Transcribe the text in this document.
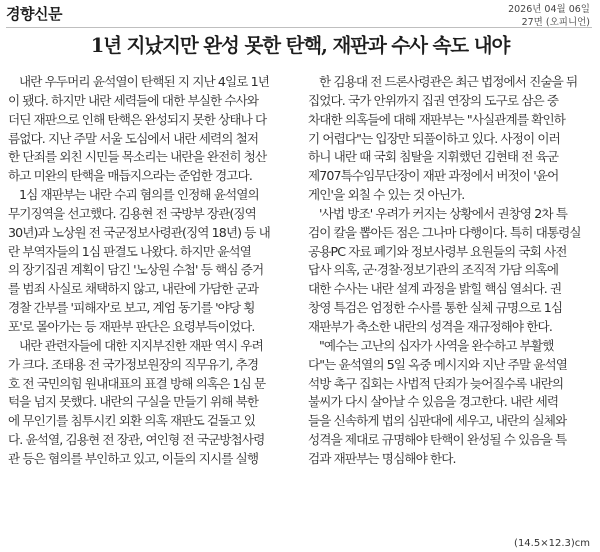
경향신문	2026년 04월 06일
27면 (오피니언)
1년 지났지만 완성 못한 탄핵, 재판과 수사 속도 내야

내란 우두머리 윤석열이 탄핵된 지 지난 4일로 1년

이 됐다. 하지만 내란 세력들에 대한 부실한 수사와

더딘 재판으로 인해 탄핵은 완성되지 못한 상태나 다

름없다. 지난 주말 서울 도심에서 내란 세력의 철저

한 단죄를 외친 시민들 목소리는 내란을 완전히 청산

하고 미완의 탄핵을 매듭지으라는 준엄한 경고다.

1심 재판부는 내란 수괴 혐의를 인정해 윤석열의

무기징역을 선고했다. 김용현 전 국방부 장관(징역

30년)과 노상원 전 국군정보사령관(징역 18년) 등 내

란 부역자들의 1심 판결도 나왔다. 하지만 윤석열

의 장기집권 계획이 담긴 '노상원 수첩' 등 핵심 증거

를 범죄 사실로 채택하지 않고, 내란에 가담한 군과

경찰 간부를 '피해자'로 보고, 계엄 동기를 '야당 횡

포'로 몰아가는 등 재판부 판단은 요령부득이었다.

내란 관련자들에 대한 지지부진한 재판 역시 우려

가 크다. 조태용 전 국가정보원장의 직무유기, 추경

호 전 국민의힘 원내대표의 표결 방해 의혹은 1심 문

턱을 넘지 못했다. 내란의 구실을 만들기 위해 북한

에 무인기를 침투시킨 외환 의혹 재판도 겉돌고 있

다. 윤석열, 김용현 전 장관, 여인형 전 국군방첩사령

관 등은 혐의를 부인하고 있고, 이들의 지시를 실행

한 김용대 전 드론사령관은 최근 법정에서 진술을 뒤

집었다. 국가 안위까지 집권 연장의 도구로 삼은 중

차대한 의혹들에 대해 재판부는 "사실관계를 확인하

기 어렵다"는 입장만 되풀이하고 있다. 사정이 이러

하니 내란 때 국회 침탈을 지휘했던 김현태 전 육군

제707특수임무단장이 재판 과정에서 버젓이 '윤어

게인'을 외칠 수 있는 것 아닌가.

'사법 방조' 우려가 커지는 상황에서 권창영 2차 특

검이 칼을 뽑아든 점은 그나마 다행이다. 특히 대통령실

공용PC 자료 폐기와 정보사령부 요원들의 국회 사전

답사 의혹, 군·경찰·정보기관의 조직적 가담 의혹에

대한 수사는 내란 설계 과정을 밝힐 핵심 열쇠다. 권

창영 특검은 엄정한 수사를 통한 실체 규명으로 1심

재판부가 축소한 내란의 성격을 재규정해야 한다.

"예수는 고난의 십자가 사역을 완수하고 부활했

다"는 윤석열의 5일 옥중 메시지와 지난 주말 윤석열

석방 촉구 집회는 사법적 단죄가 늦어질수록 내란의

불씨가 다시 살아날 수 있음을 경고한다. 내란 세력

들을 신속하게 법의 심판대에 세우고, 내란의 실체와

성격을 제대로 규명해야 탄핵이 완성될 수 있음을 특

검과 재판부는 명심해야 한다.

(14.5×12.3)cm
